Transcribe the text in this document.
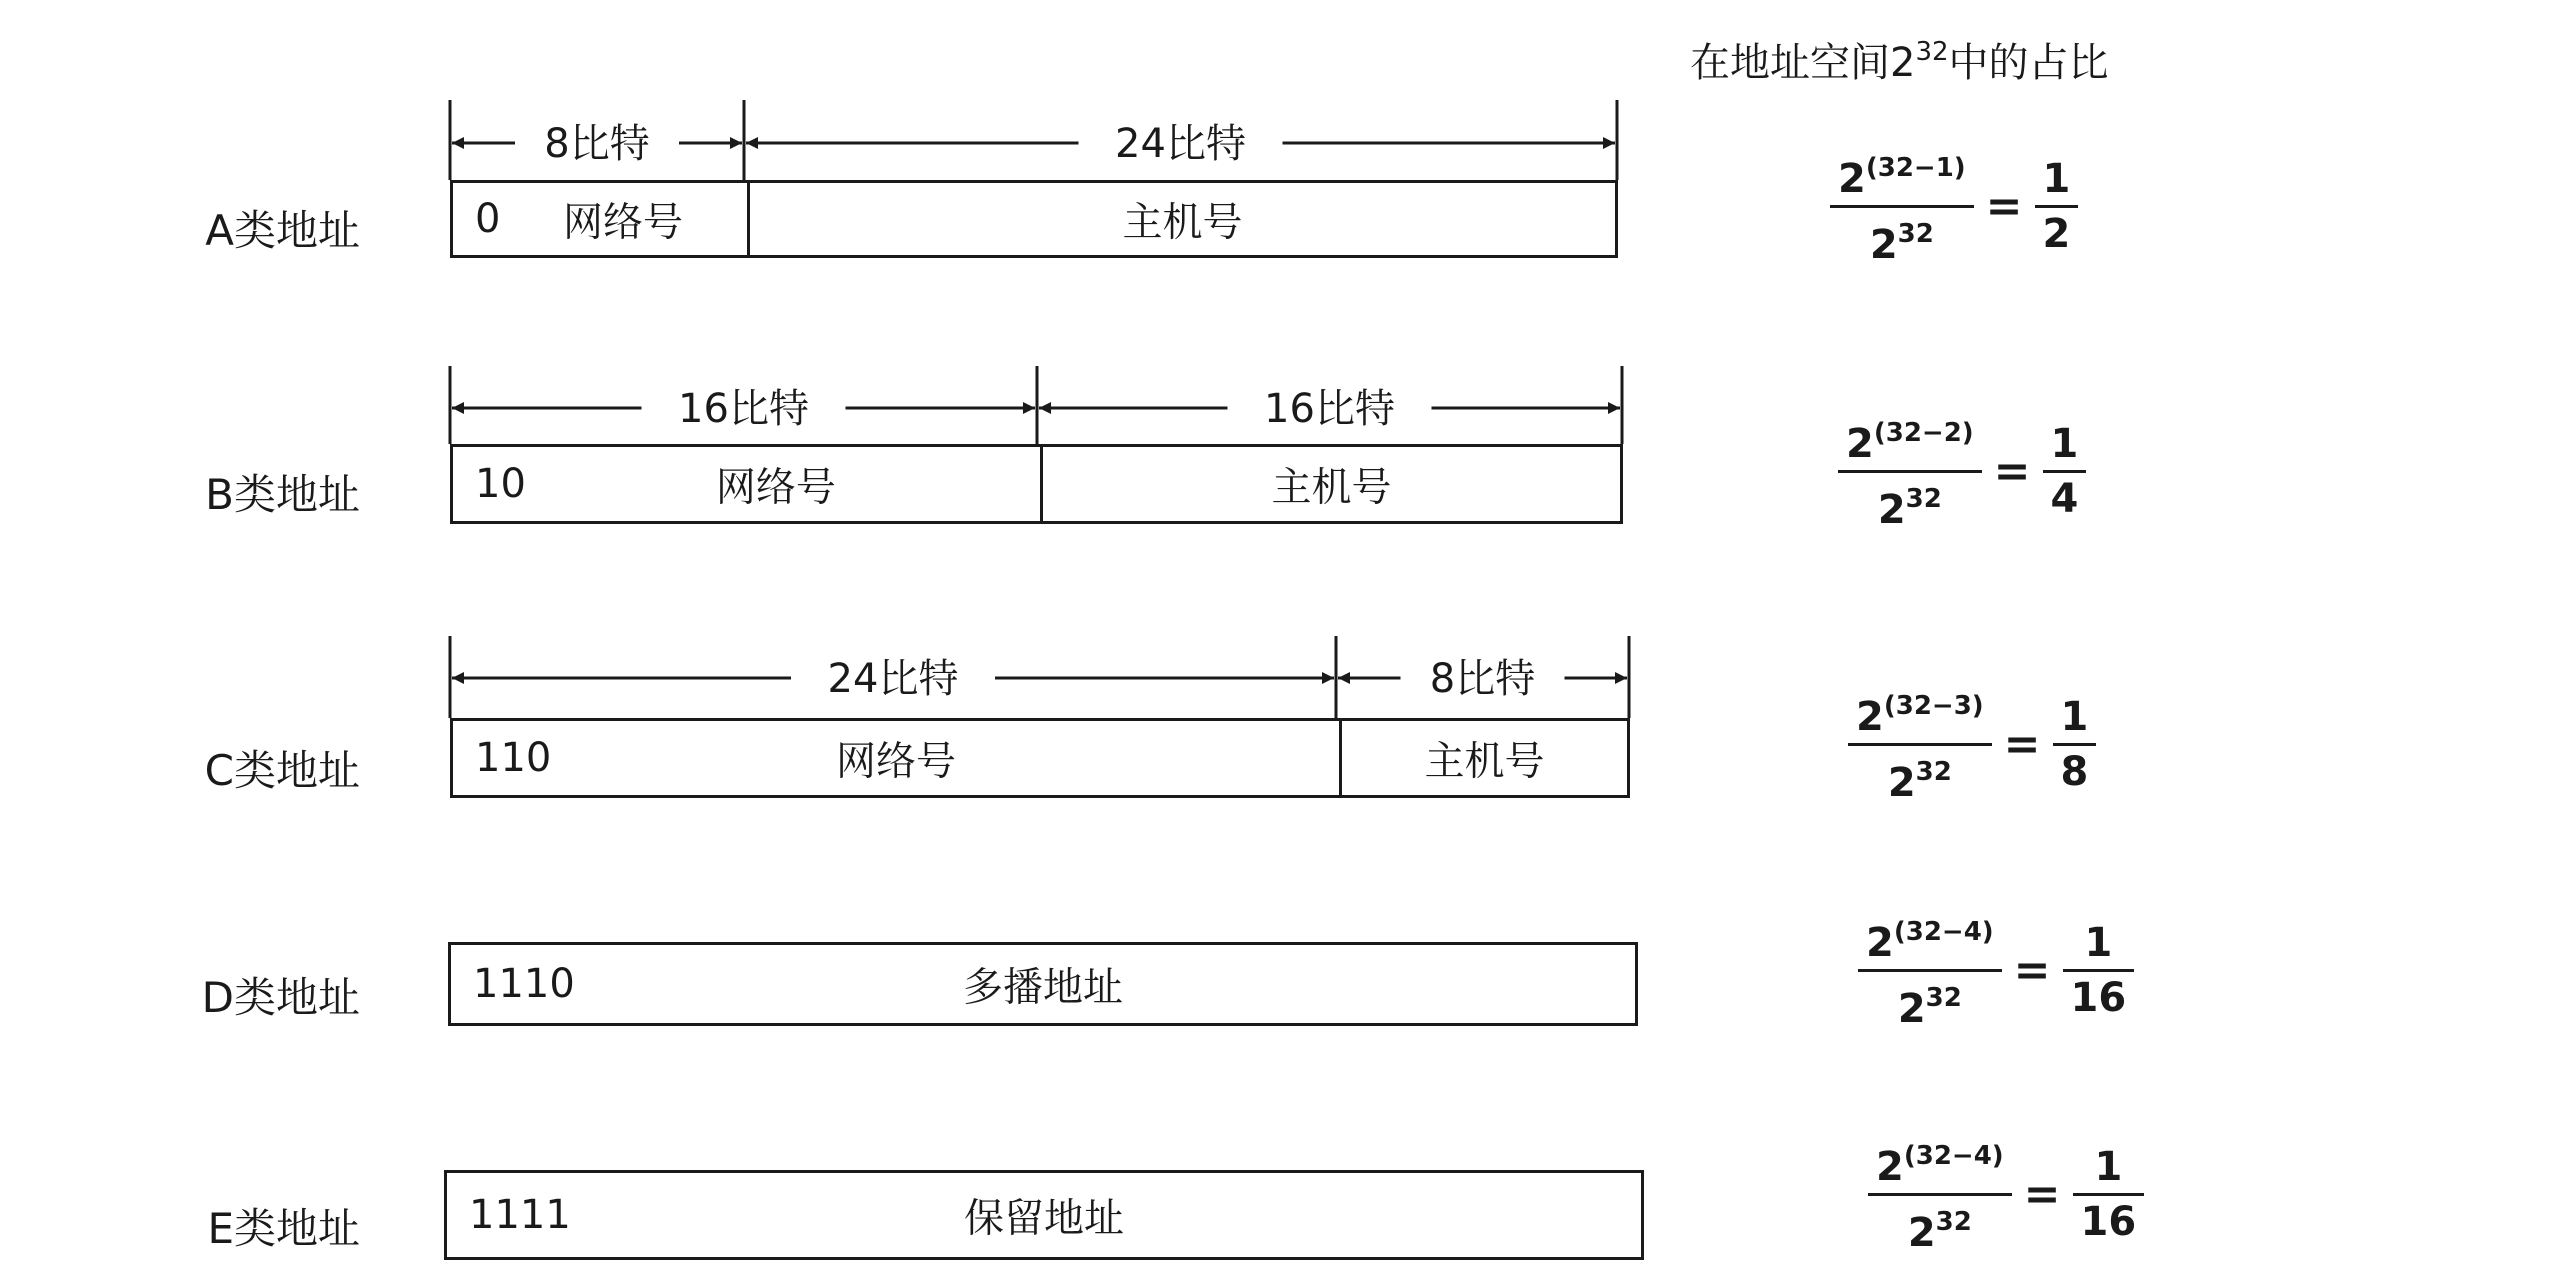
在地址空间$2^{32}$中的占比
8比特	24比特
16比特	16比特
24比特	8比特
A类地址	0 网络号	主机号
B类地址	10	网络号	主机号
C类地址	110	网络号	主机号
D类地址	1110	多播地址
E类地址	1111	保留地址
$\frac{2^{(32-1)}}{2^{32}} = \frac{1}{2}$
$\frac{2^{(32-2)}}{2^{32}} = \frac{1}{4}$
$\frac{2^{(32-3)}}{2^{32}} = \frac{1}{8}$
$\frac{2^{(32-4)}}{2^{32}} = \frac{1}{16}$
$\frac{2^{(32-4)}}{2^{32}} = \frac{1}{16}$
